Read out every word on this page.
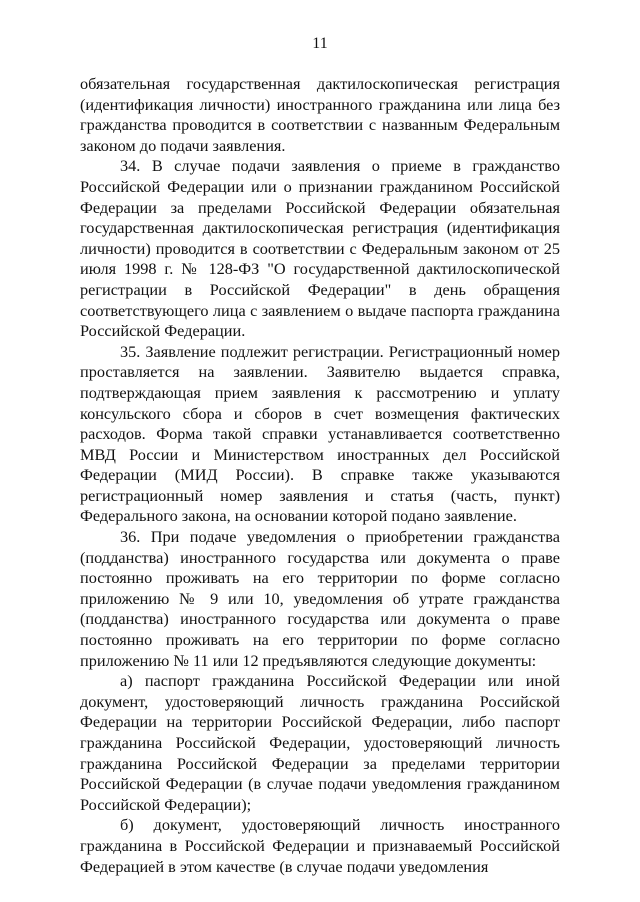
11

обязательная государственная дактилоскопическая регистрация (идентификация личности) иностранного гражданина или лица без гражданства проводится в соответствии с названным Федеральным законом до подачи заявления.

34. В случае подачи заявления о приеме в гражданство Российской Федерации или о признании гражданином Российской Федерации за пределами Российской Федерации обязательная государственная дактилоскопическая регистрация (идентификация личности) проводится в соответствии с Федеральным законом от 25 июля 1998 г. № 128-ФЗ "О государственной дактилоскопической регистрации в Российской Федерации" в день обращения соответствующего лица с заявлением о выдаче паспорта гражданина Российской Федерации.

35. Заявление подлежит регистрации. Регистрационный номер проставляется на заявлении. Заявителю выдается справка, подтверждающая прием заявления к рассмотрению и уплату консульского сбора и сборов в счет возмещения фактических расходов. Форма такой справки устанавливается соответственно МВД России и Министерством иностранных дел Российской Федерации (МИД России). В справке также указываются регистрационный номер заявления и статья (часть, пункт) Федерального закона, на основании которой подано заявление.

36. При подаче уведомления о приобретении гражданства (подданства) иностранного государства или документа о праве постоянно проживать на его территории по форме согласно приложению № 9 или 10, уведомления об утрате гражданства (подданства) иностранного государства или документа о праве постоянно проживать на его территории по форме согласно приложению № 11 или 12 предъявляются следующие документы:

а) паспорт гражданина Российской Федерации или иной документ, удостоверяющий личность гражданина Российской Федерации на территории Российской Федерации, либо паспорт гражданина Российской Федерации, удостоверяющий личность гражданина Российской Федерации за пределами территории Российской Федерации (в случае подачи уведомления гражданином Российской Федерации);

б) документ, удостоверяющий личность иностранного гражданина в Российской Федерации и признаваемый Российской Федерацией в этом качестве (в случае подачи уведомления
